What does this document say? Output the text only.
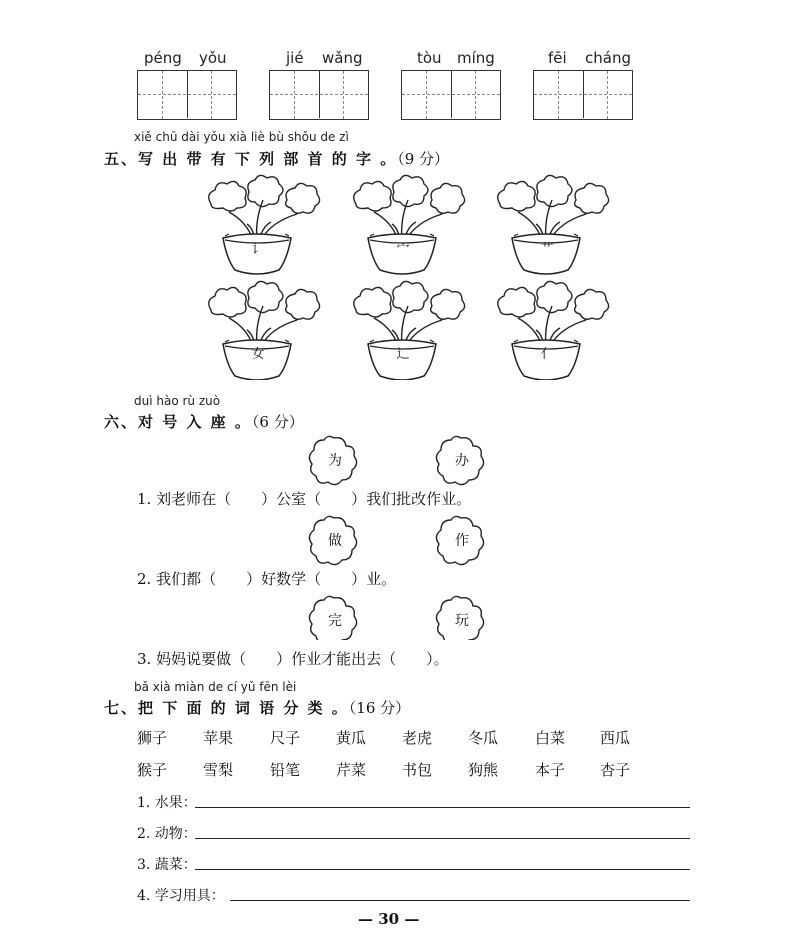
péng yǒu	jié wǎng	tòu míng	fēi cháng
xiě chū dài yǒu xià liè bù shǒu de zì
五、写 出 带 有 下 列 部 首 的 字 。（9 分）
讠	宀	艹
女	辶	亻
duì hào rù zuò
六、对 号 入 座 。（6 分）
为	办
1. 刘老师在（　　）公室（　　）我们批改作业。
做	作
2. 我们都（　　）好数学（　　）业。
完	玩
3. 妈妈说要做（　　）作业才能出去（　　）。
bǎ xià miàn de cí yǔ fēn lèi
七、把 下 面 的 词 语 分 类 。（16 分）
狮子 苹果 尺子 黄瓜 老虎 冬瓜 白菜 西瓜
猴子 雪梨 铅笔 芹菜 书包 狗熊 本子 杏子
1. 水果：
2. 动物：
3. 蔬菜：
4. 学习用具：
— 30 —
